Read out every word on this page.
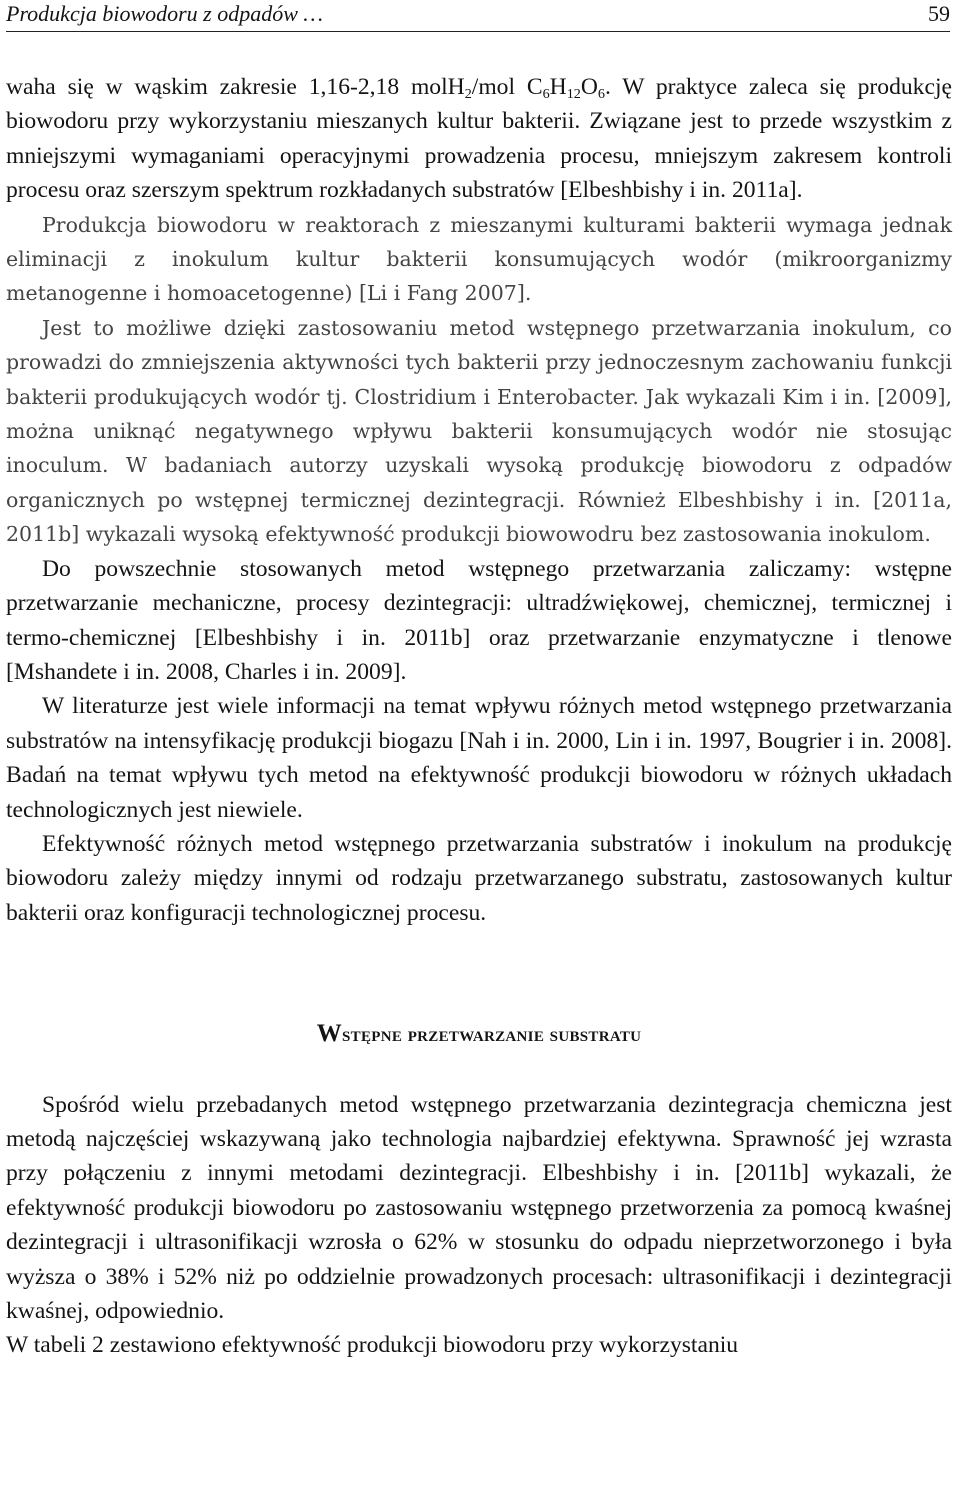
Produkcja biowodoru z odpadów …	59

waha się w wąskim zakresie 1,16-2,18 molH$_2$/mol $C_6H_{12}O_6$. W praktyce zaleca się produkcję biowodoru przy wykorzystaniu mieszanych kultur bakterii. Związane jest to przede wszystkim z mniejszymi wymaganiami operacyjnymi prowadzenia procesu, mniejszym zakresem kontroli procesu oraz szerszym spektrum rozkładanych substratów [Elbeshbishy i in. 2011a].

Produkcja biowodoru w reaktorach z mieszanymi kulturami bakterii wymaga jednak eliminacji z inokulum kultur bakterii konsumujących wodór (mikroorganizmy metanogenne i homoacetogenne) [Li i Fang 2007].

Jest to możliwe dzięki zastosowaniu metod wstępnego przetwarzania inokulum, co prowadzi do zmniejszenia aktywności tych bakterii przy jednoczesnym zachowaniu funkcji bakterii produkujących wodór tj. Clostridium i Enterobacter. Jak wykazali Kim i in. [2009], można uniknąć negatywnego wpływu bakterii konsumujących wodór nie stosując inoculum. W badaniach autorzy uzyskali wysoką produkcję biowodoru z odpadów organicznych po wstępnej termicznej dezintegracji. Również Elbeshbishy i in. [2011a, 2011b] wykazali wysoką efektywność produkcji biowowodru bez zastosowania inokulom.

Do powszechnie stosowanych metod wstępnego przetwarzania zaliczamy: wstępne przetwarzanie mechaniczne, procesy dezintegracji: ultradźwiękowej, chemicznej, termicznej i termo-chemicznej [Elbeshbishy i in. 2011b] oraz przetwarzanie enzymatyczne i tlenowe [Mshandete i in. 2008, Charles i in. 2009].

W literaturze jest wiele informacji na temat wpływu różnych metod wstępnego przetwarzania substratów na intensyfikację produkcji biogazu [Nah i in. 2000, Lin i in. 1997, Bougrier i in. 2008]. Badań na temat wpływu tych metod na efektywność produkcji biowodoru w różnych układach technologicznych jest niewiele.

Efektywność różnych metod wstępnego przetwarzania substratów i inokulum na produkcję biowodoru zależy między innymi od rodzaju przetwarzanego substratu, zastosowanych kultur bakterii oraz konfiguracji technologicznej procesu.

Wstępne przetwarzanie substratu

Spośród wielu przebadanych metod wstępnego przetwarzania dezintegracja chemiczna jest metodą najczęściej wskazywaną jako technologia najbardziej efektywna. Sprawność jej wzrasta przy połączeniu z innymi metodami dezintegracji. Elbeshbishy i in. [2011b] wykazali, że efektywność produkcji biowodoru po zastosowaniu wstępnego przetworzenia za pomocą kwaśnej dezintegracji i ultrasonifikacji wzrosła o 62% w stosunku do odpadu nieprzetworzonego i była wyższa o 38% i 52% niż po oddzielnie prowadzonych procesach: ultrasonifikacji i dezintegracji kwaśnej, odpowiednio.

W tabeli 2 zestawiono efektywność produkcji biowodoru przy wykorzystaniu
